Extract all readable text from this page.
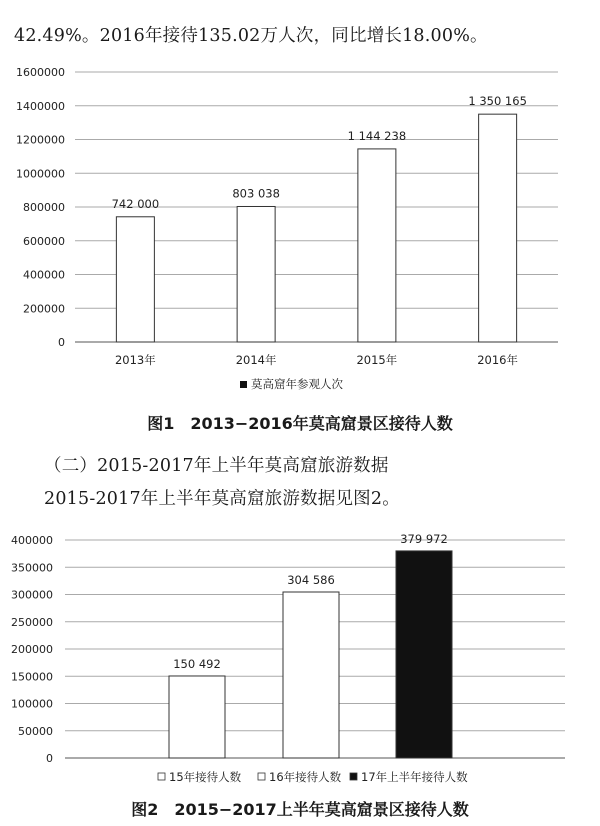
42.49%。2016年接待135.02万人次，同比增长18.00%。
0
200000
400000
600000
800000
1000000
1200000
1400000
1600000
742 000
2013年
803 038
2014年
1 144 238
2015年
1 350 165
2016年
莫高窟年参观人次
图1　2013−2016年莫高窟景区接待人数
（二）2015-2017年上半年莫高窟旅游数据
2015-2017年上半年莫高窟旅游数据见图2。
0
50000
100000
150000
200000
250000
300000
350000
400000
150 492
304 586
379 972
15年接待人数 16年接待人数 17年上半年接待人数
图2　2015−2017上半年莫高窟景区接待人数
